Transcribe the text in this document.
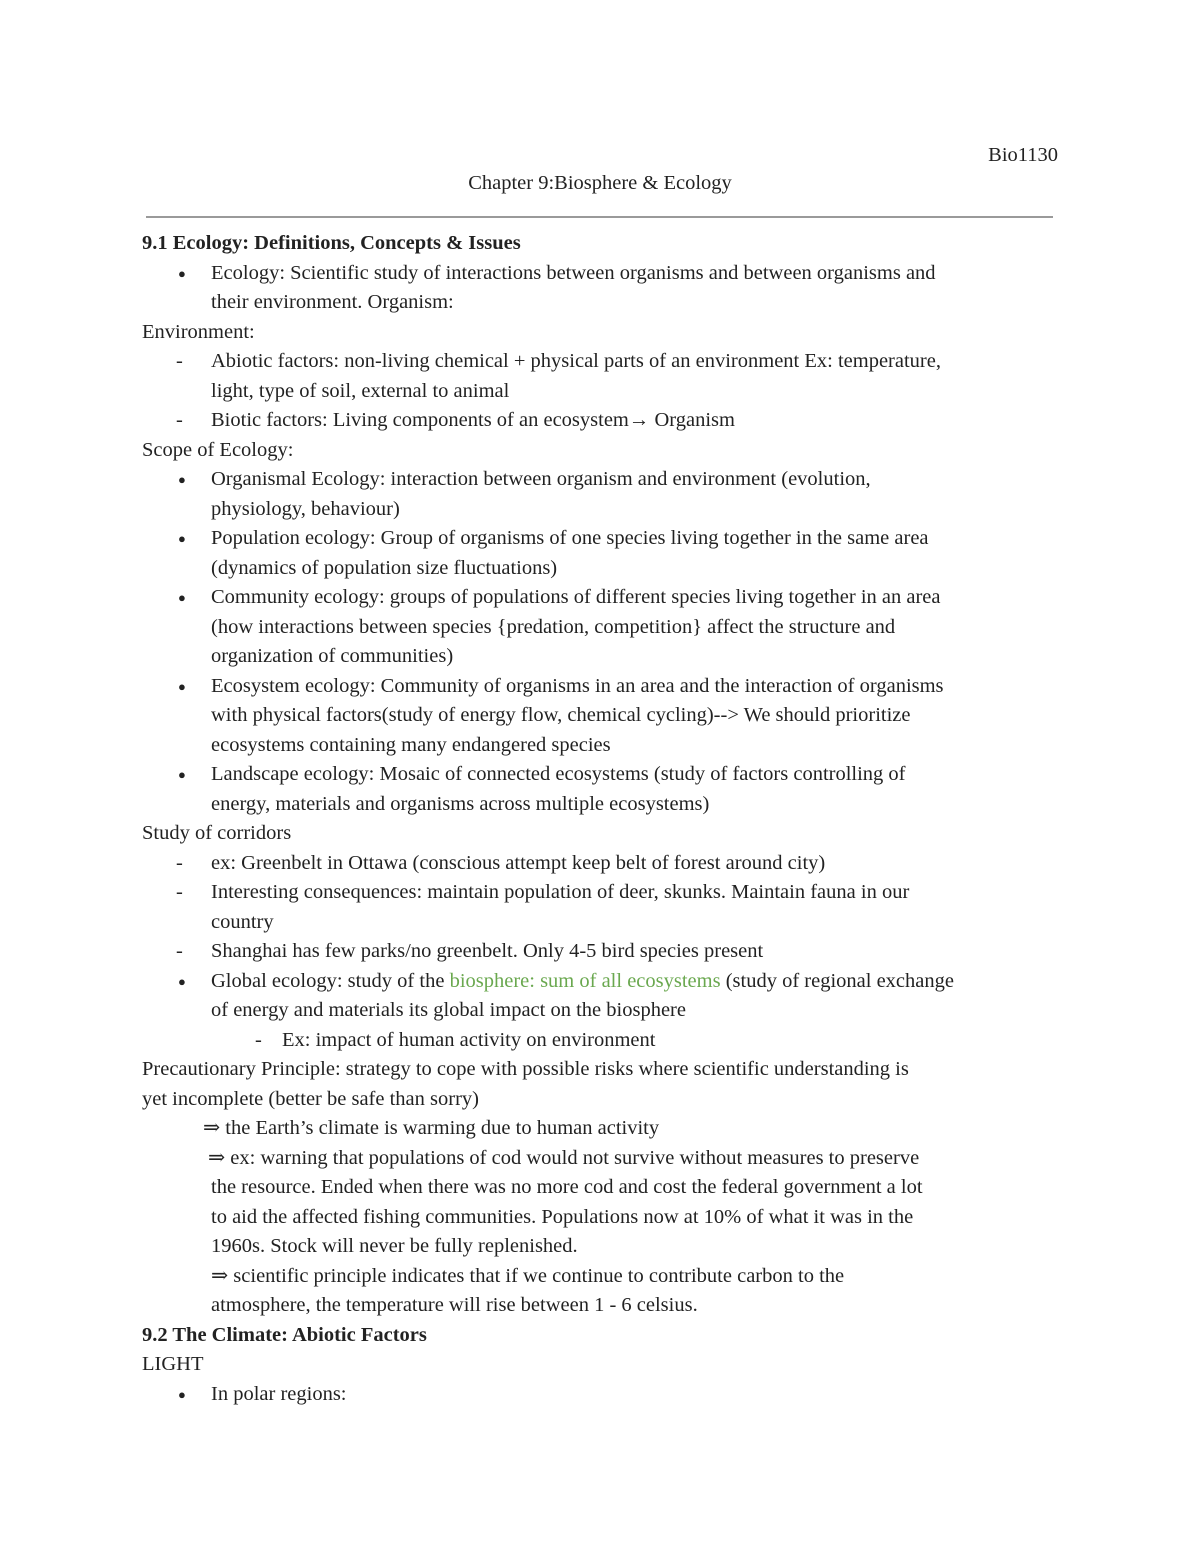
Bio1130
Chapter 9:Biosphere & Ecology
9.1 Ecology: Definitions, Concepts & Issues
● Ecology: Scientific study of interactions between organisms and between organisms and
their environment. Organism:
Environment:
- Abiotic factors: non-living chemical + physical parts of an environment Ex: temperature,
light, type of soil, external to animal
- Biotic factors: Living components of an ecosystem→ Organism
Scope of Ecology:
● Organismal Ecology: interaction between organism and environment (evolution,
physiology, behaviour)
● Population ecology: Group of organisms of one species living together in the same area
(dynamics of population size fluctuations)
● Community ecology: groups of populations of different species living together in an area
(how interactions between species {predation, competition} affect the structure and
organization of communities)
● Ecosystem ecology: Community of organisms in an area and the interaction of organisms
with physical factors(study of energy flow, chemical cycling)--> We should prioritize
ecosystems containing many endangered species
● Landscape ecology: Mosaic of connected ecosystems (study of factors controlling of
energy, materials and organisms across multiple ecosystems)
Study of corridors
- ex: Greenbelt in Ottawa (conscious attempt keep belt of forest around city)
- Interesting consequences: maintain population of deer, skunks. Maintain fauna in our
country
- Shanghai has few parks/no greenbelt. Only 4-5 bird species present
● Global ecology: study of the biosphere: sum of all ecosystems (study of regional exchange
of energy and materials its global impact on the biosphere
- Ex: impact of human activity on environment
Precautionary Principle: strategy to cope with possible risks where scientific understanding is
yet incomplete (better be safe than sorry)
⇒ the Earth’s climate is warming due to human activity
⇒ ex: warning that populations of cod would not survive without measures to preserve
the resource. Ended when there was no more cod and cost the federal government a lot
to aid the affected fishing communities. Populations now at 10% of what it was in the
1960s. Stock will never be fully replenished.
⇒ scientific principle indicates that if we continue to contribute carbon to the
atmosphere, the temperature will rise between 1 - 6 celsius.
9.2 The Climate: Abiotic Factors
LIGHT
● In polar regions:
